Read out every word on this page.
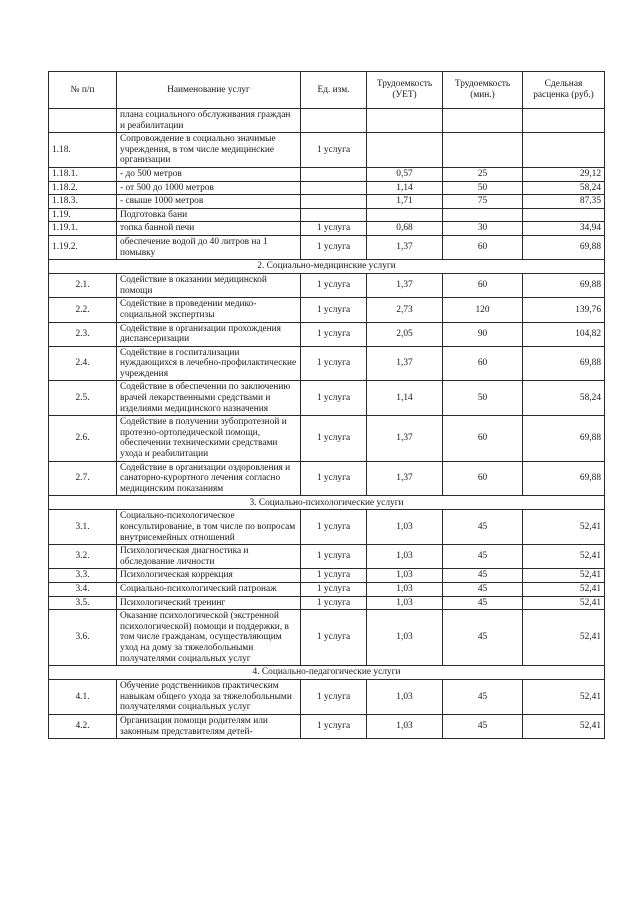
№ п/п	Наименование услуг	Ед. изм.	Трудоемкость (УЕТ)	Трудоемкость (мин.)	Сдельная расценка (руб.)
	плана социального обслуживания граждан и реабилитации				
1.18.	Сопровождение в социально значимые учреждения, в том числе медицинские организации	1 услуга			
1.18.1.	- до 500 метров		0,57	25	29,12
1.18.2.	- от 500 до 1000 метров		1,14	50	58,24
1.18.3.	- свыше 1000 метров		1,71	75	87,35
1.19.	Подготовка бани				
1.19.1.	топка банной печи	1 услуга	0,68	30	34,94
1.19.2.	обеспечение водой до 40 литров на 1 помывку	1 услуга	1,37	60	69,88
2. Социально-медицинские услуги					
2.1.	Содействие в оказании медицинской помощи	1 услуга	1,37	60	69,88
2.2.	Содействие в проведении медико-социальной экспертизы	1 услуга	2,73	120	139,76
2.3.	Содействие в организации прохождения диспансеризации	1 услуга	2,05	90	104,82
2.4.	Содействие в госпитализации нуждающихся в лечебно-профилактические учреждения	1 услуга	1,37	60	69,88
2.5.	Содействие в обеспечении по заключению врачей лекарственными средствами и изделиями медицинского назначения	1 услуга	1,14	50	58,24
2.6.	Содействие в получении зубопротезной и протезно-ортопедической помощи, обеспечении техническими средствами ухода и реабилитации	1 услуга	1,37	60	69,88
2.7.	Содействие в организации оздоровления и санаторно-курортного лечения согласно медицинским показаниям	1 услуга	1,37	60	69,88
3. Социально-психологические услуги					
3.1.	Социально-психологическое консультирование, в том числе по вопросам внутрисемейных отношений	1 услуга	1,03	45	52,41
3.2.	Психологическая диагностика и обследование личности	1 услуга	1,03	45	52,41
3.3.	Психологическая коррекция	1 услуга	1,03	45	52,41
3.4.	Социально-психологический патронаж	1 услуга	1,03	45	52,41
3.5.	Психологический тренинг	1 услуга	1,03	45	52,41
3.6.	Оказание психологической (экстренной психологической) помощи и поддержки, в том числе гражданам, осуществляющим уход на дому за тяжелобольными получателями социальных услуг	1 услуга	1,03	45	52,41
4. Социально-педагогические услуги					
4.1.	Обучение родственников практическим навыкам общего ухода за тяжелобольными получателями социальных услуг	1 услуга	1,03	45	52,41
4.2.	Организация помощи родителям или законным представителям детей-	1 услуга	1,03	45	52,41
